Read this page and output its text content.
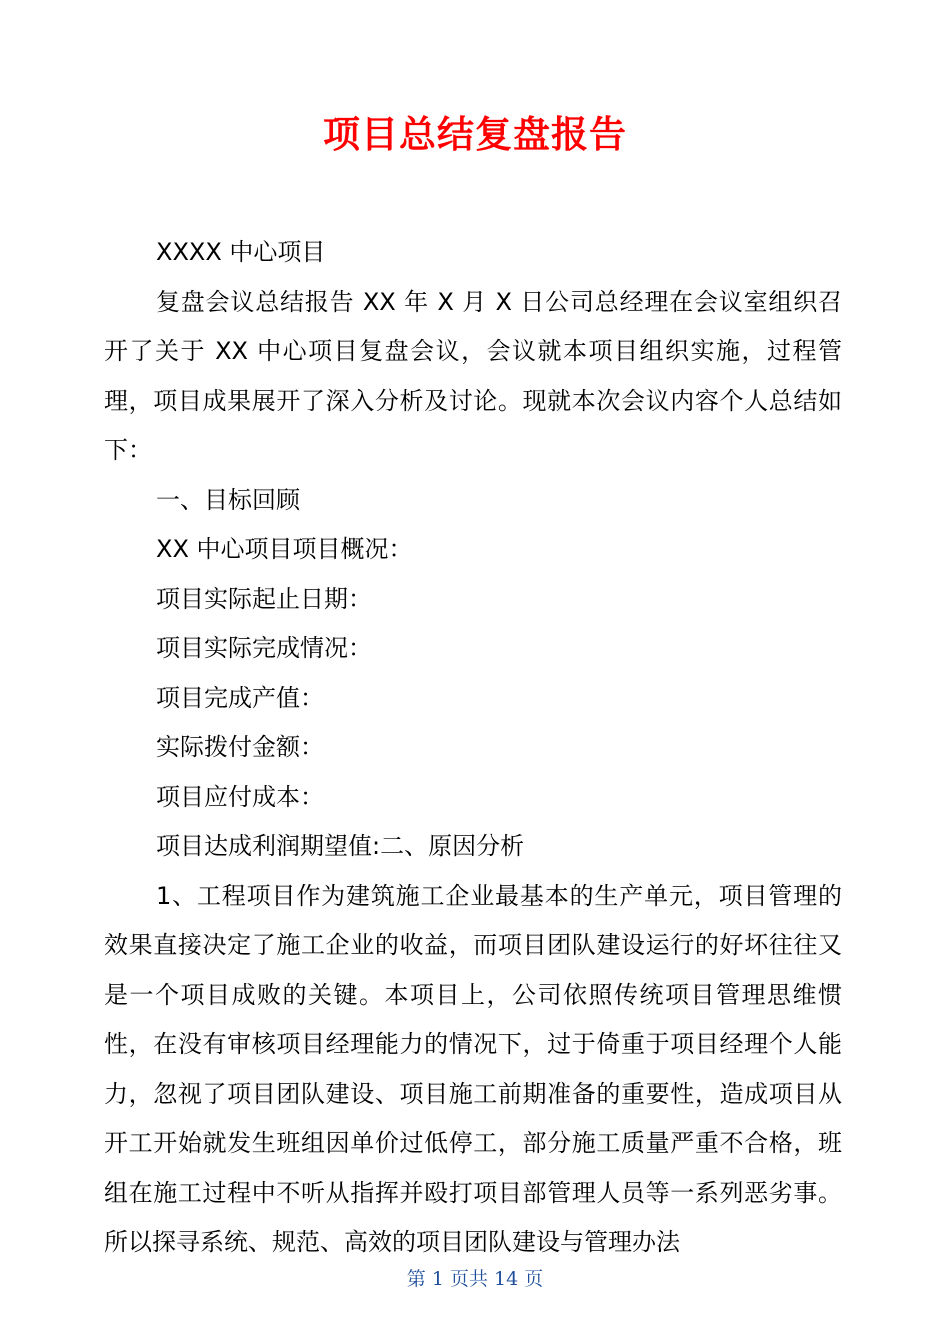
项目总结复盘报告

XXXX 中心项目

复盘会议总结报告 XX 年 X 月 X 日公司总经理在会议室组织召开了关于 XX 中心项目复盘会议，会议就本项目组织实施，过程管理，项目成果展开了深入分析及讨论。现就本次会议内容个人总结如下：

一、目标回顾

XX 中心项目项目概况：

项目实际起止日期：

项目实际完成情况：

项目完成产值：

实际拨付金额：

项目应付成本：

项目达成利润期望值:二、原因分析

1、工程项目作为建筑施工企业最基本的生产单元，项目管理的效果直接决定了施工企业的收益，而项目团队建设运行的好坏往往又是一个项目成败的关键。本项目上，公司依照传统项目管理思维惯性，在没有审核项目经理能力的情况下，过于倚重于项目经理个人能力，忽视了项目团队建设、项目施工前期准备的重要性，造成项目从开工开始就发生班组因单价过低停工，部分施工质量严重不合格，班组在施工过程中不听从指挥并殴打项目部管理人员等一系列恶劣事。所以探寻系统、规范、高效的项目团队建设与管理办法

第 1 页共 14 页
